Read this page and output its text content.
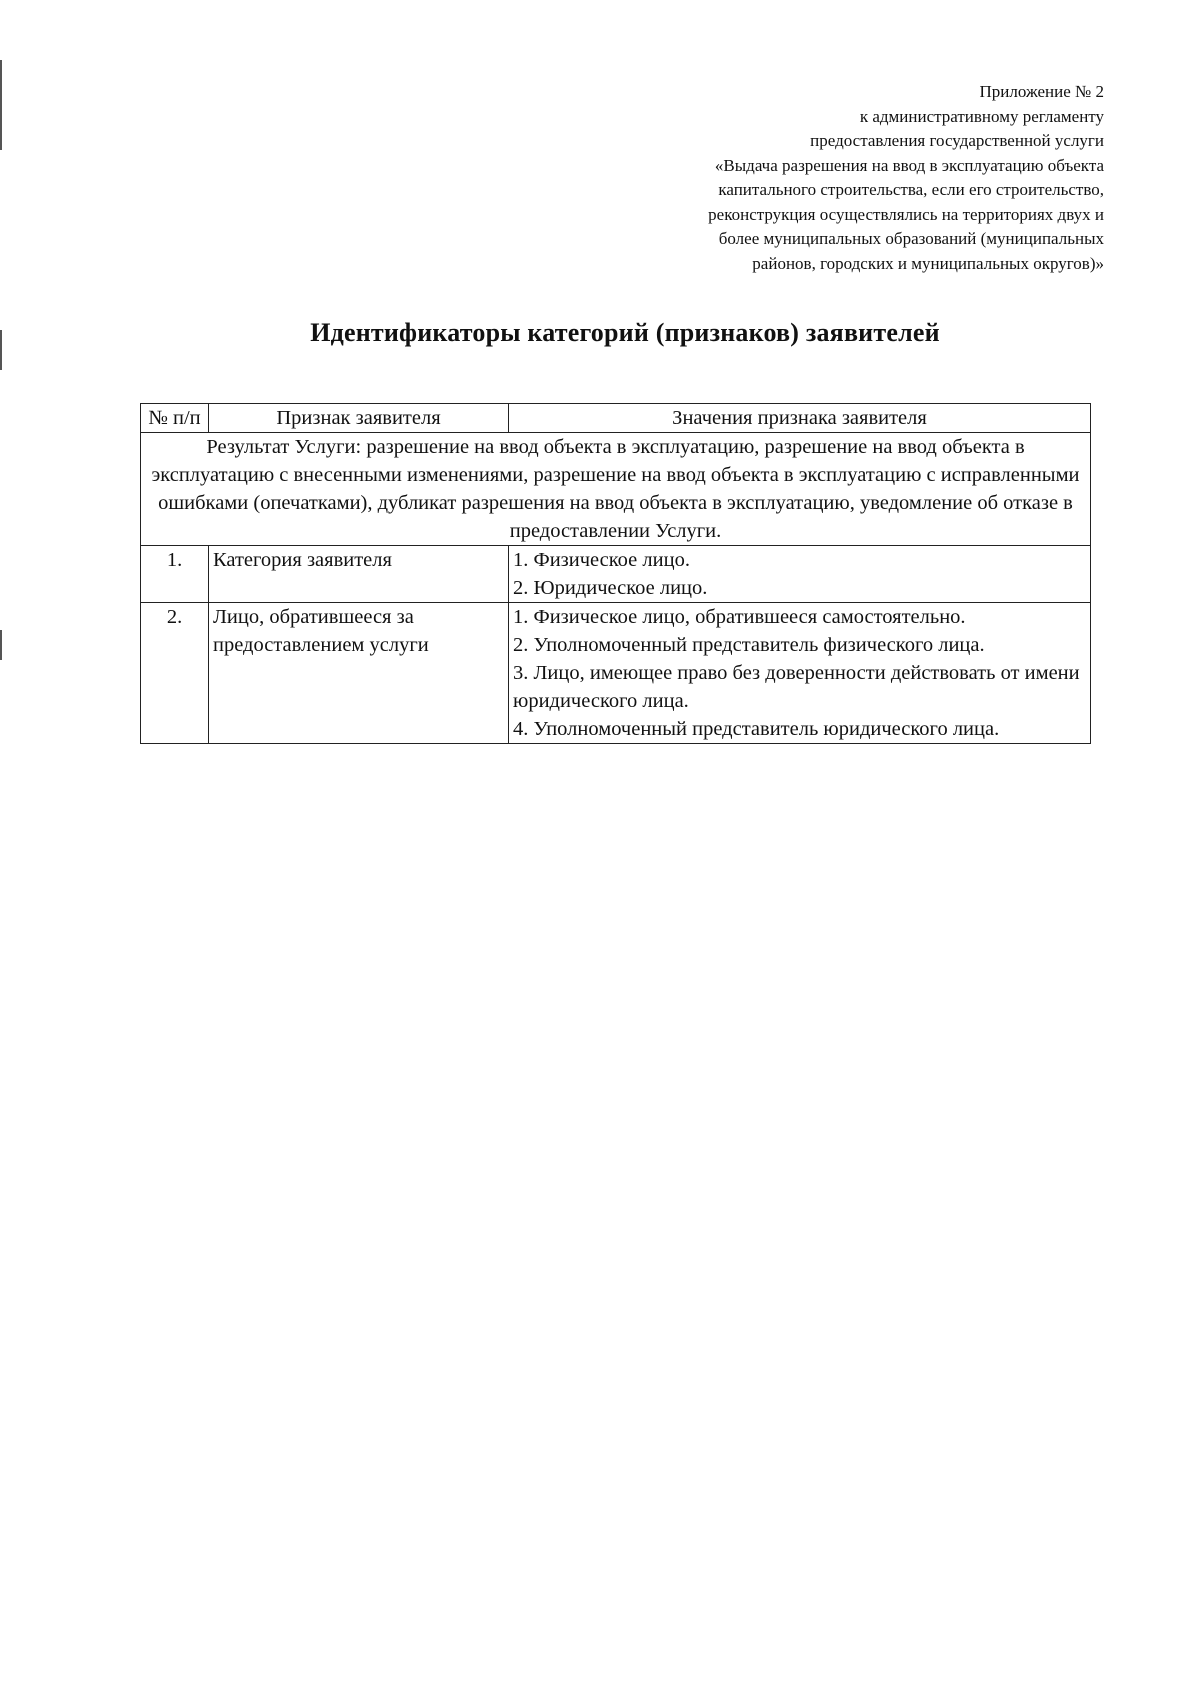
Приложение № 2
к административному регламенту
предоставления государственной услуги
«Выдача разрешения на ввод в эксплуатацию объекта
капитального строительства, если его строительство,
реконструкция осуществлялись на территориях двух и
более муниципальных образований (муниципальных
районов, городских и муниципальных округов)»
Идентификаторы категорий (признаков) заявителей
№ п/п	Признак заявителя	Значения признака заявителя
Результат Услуги: разрешение на ввод объекта в эксплуатацию, разрешение на ввод объекта в эксплуатацию с внесенными изменениями, разрешение на ввод объекта в эксплуатацию с исправленными ошибками (опечатками), дубликат разрешения на ввод объекта в эксплуатацию, уведомление об отказе в предоставлении Услуги.		
1.	Категория заявителя	1. Физическое лицо.
2. Юридическое лицо.

2.	Лицо, обратившееся за предоставлением услуги	1. Физическое лицо, обратившееся самостоятельно.
2. Уполномоченный представитель физического лица.
3. Лицо, имеющее право без доверенности действовать от имени юридического лица.
4. Уполномоченный представитель юридического лица.
